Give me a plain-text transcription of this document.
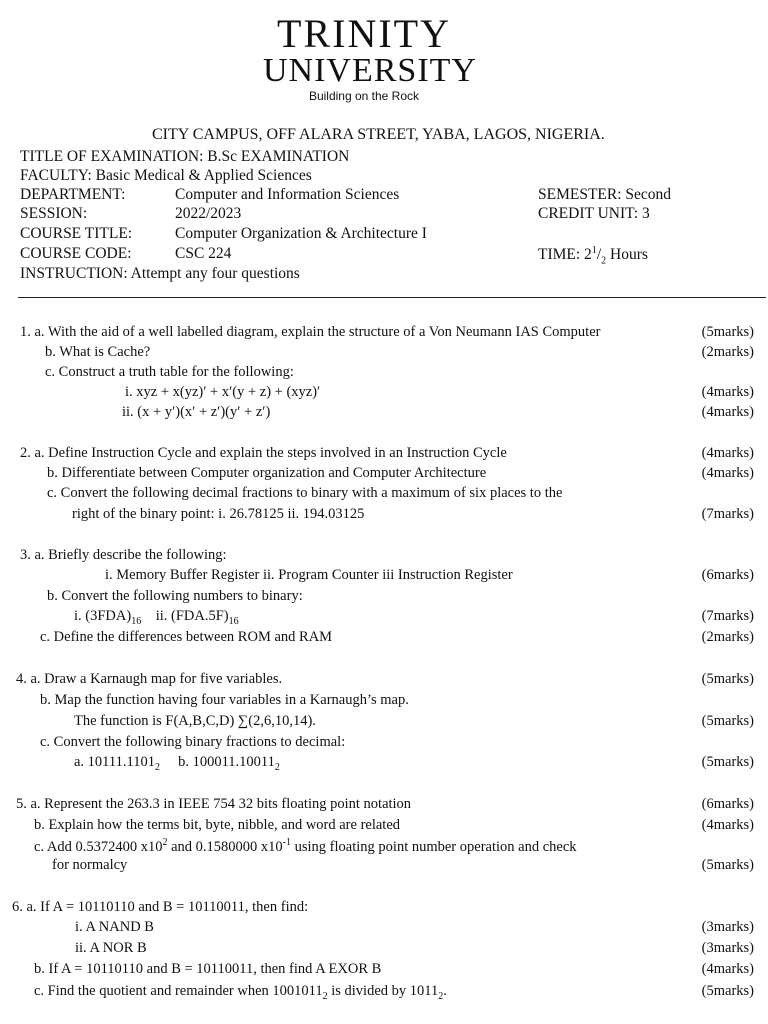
TRINITY
UNIVERSITY
Building on the Rock
CITY CAMPUS, OFF ALARA STREET, YABA, LAGOS, NIGERIA.
TITLE OF EXAMINATION: B.Sc EXAMINATION
FACULTY: Basic Medical & Applied Sciences
DEPARTMENT:	Computer and Information Sciences	SEMESTER: Second
SESSION:	2022/2023	CREDIT UNIT: 3
COURSE TITLE:	Computer Organization & Architecture I
COURSE CODE:	CSC 224	TIME: $2^1/_2$ Hours
INSTRUCTION: Attempt any four questions
1. a. With the aid of a well labelled diagram, explain the structure of a Von Neumann IAS Computer	(5marks)
b. What is Cache?	(2marks)
c. Construct a truth table for the following:
i. xyz + x(yz)′ + x′(y + z) + (xyz)′	(4marks)
ii. (x + y′)(x′ + z′)(y′ + z′)	(4marks)
2. a. Define Instruction Cycle and explain the steps involved in an Instruction Cycle	(4marks)
b. Differentiate between Computer organization and Computer Architecture	(4marks)
c. Convert the following decimal fractions to binary with a maximum of six places to the
right of the binary point: i. 26.78125 ii. 194.03125	(7marks)
3. a. Briefly describe the following:
i. Memory Buffer Register ii. Program Counter iii Instruction Register	(6marks)
b. Convert the following numbers to binary:
i. $(3FDA)_{16}$ ii. $(FDA.5F)_{16}$	(7marks)
c. Define the differences between ROM and RAM	(2marks)
4. a. Draw a Karnaugh map for five variables.	(5marks)
b. Map the function having four variables in a Karnaugh’s map.
The function is F(A,B,C,D) ∑(2,6,10,14).	(5marks)
c. Convert the following binary fractions to decimal:
a. $10111.1101_2$ b. $100011.10011_2$	(5marks)
5. a. Represent the 263.3 in IEEE 754 32 bits floating point notation	(6marks)
b. Explain how the terms bit, byte, nibble, and word are related	(4marks)
c. Add 0.5372400 $x10^2$ and 0.1580000 $x10^{-1}$ using floating point number operation and check
for normalcy	(5marks)
6. a. If A = 10110110 and B = 10110011, then find:
i. A NAND B	(3marks)
ii. A NOR B	(3marks)
b. If A = 10110110 and B = 10110011, then find A EXOR B	(4marks)
c. Find the quotient and remainder when $1001011_2$ is divided by $1011_2$.	(5marks)
